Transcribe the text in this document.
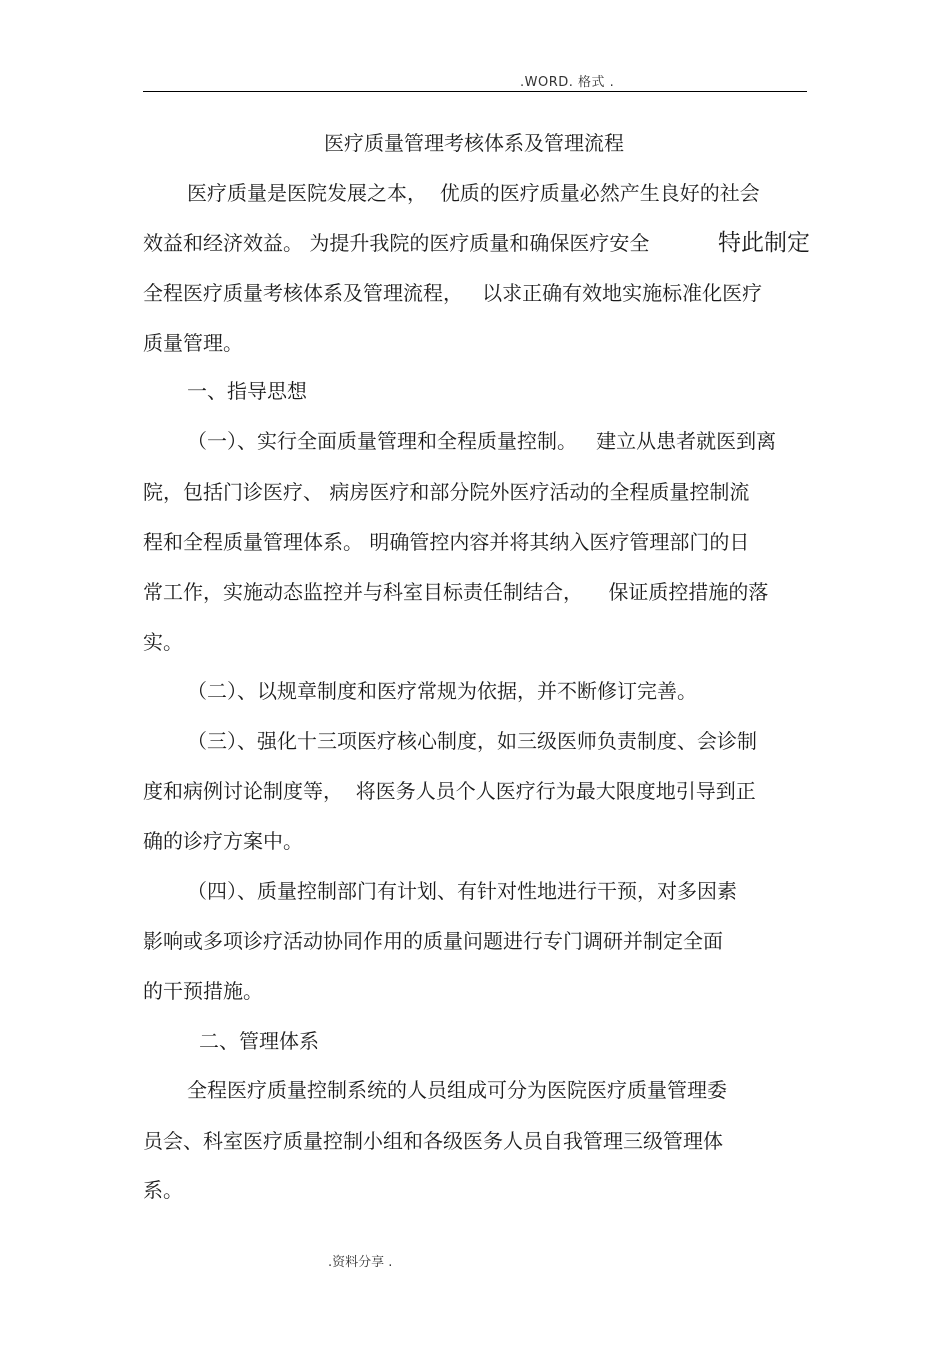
.WORD. 格式 .
医疗质量管理考核体系及管理流程
医疗质量是医院发展之本，  优质的医疗质量必然产生良好的社会
效益和经济效益。 为提升我院的医疗质量和确保医疗安全	特此制定
全程医疗质量考核体系及管理流程，   以求正确有效地实施标准化医疗
质量管理。
一、指导思想
（一）、实行全面质量管理和全程质量控制。   建立从患者就医到离
院，包括门诊医疗、 病房医疗和部分院外医疗活动的全程质量控制流
程和全程质量管理体系。 明确管控内容并将其纳入医疗管理部门的日
常工作，实施动态监控并与科室目标责任制结合，    保证质控措施的落
实。
（二）、以规章制度和医疗常规为依据，并不断修订完善。
（三）、强化十三项医疗核心制度，如三级医师负责制度、会诊制
度和病例讨论制度等，  将医务人员个人医疗行为最大限度地引导到正
确的诊疗方案中。
（四）、质量控制部门有计划、有针对性地进行干预，对多因素
影响或多项诊疗活动协同作用的质量问题进行专门调研并制定全面
的干预措施。
二、管理体系
全程医疗质量控制系统的人员组成可分为医院医疗质量管理委
员会、科室医疗质量控制小组和各级医务人员自我管理三级管理体
系。
.资料分享 .
